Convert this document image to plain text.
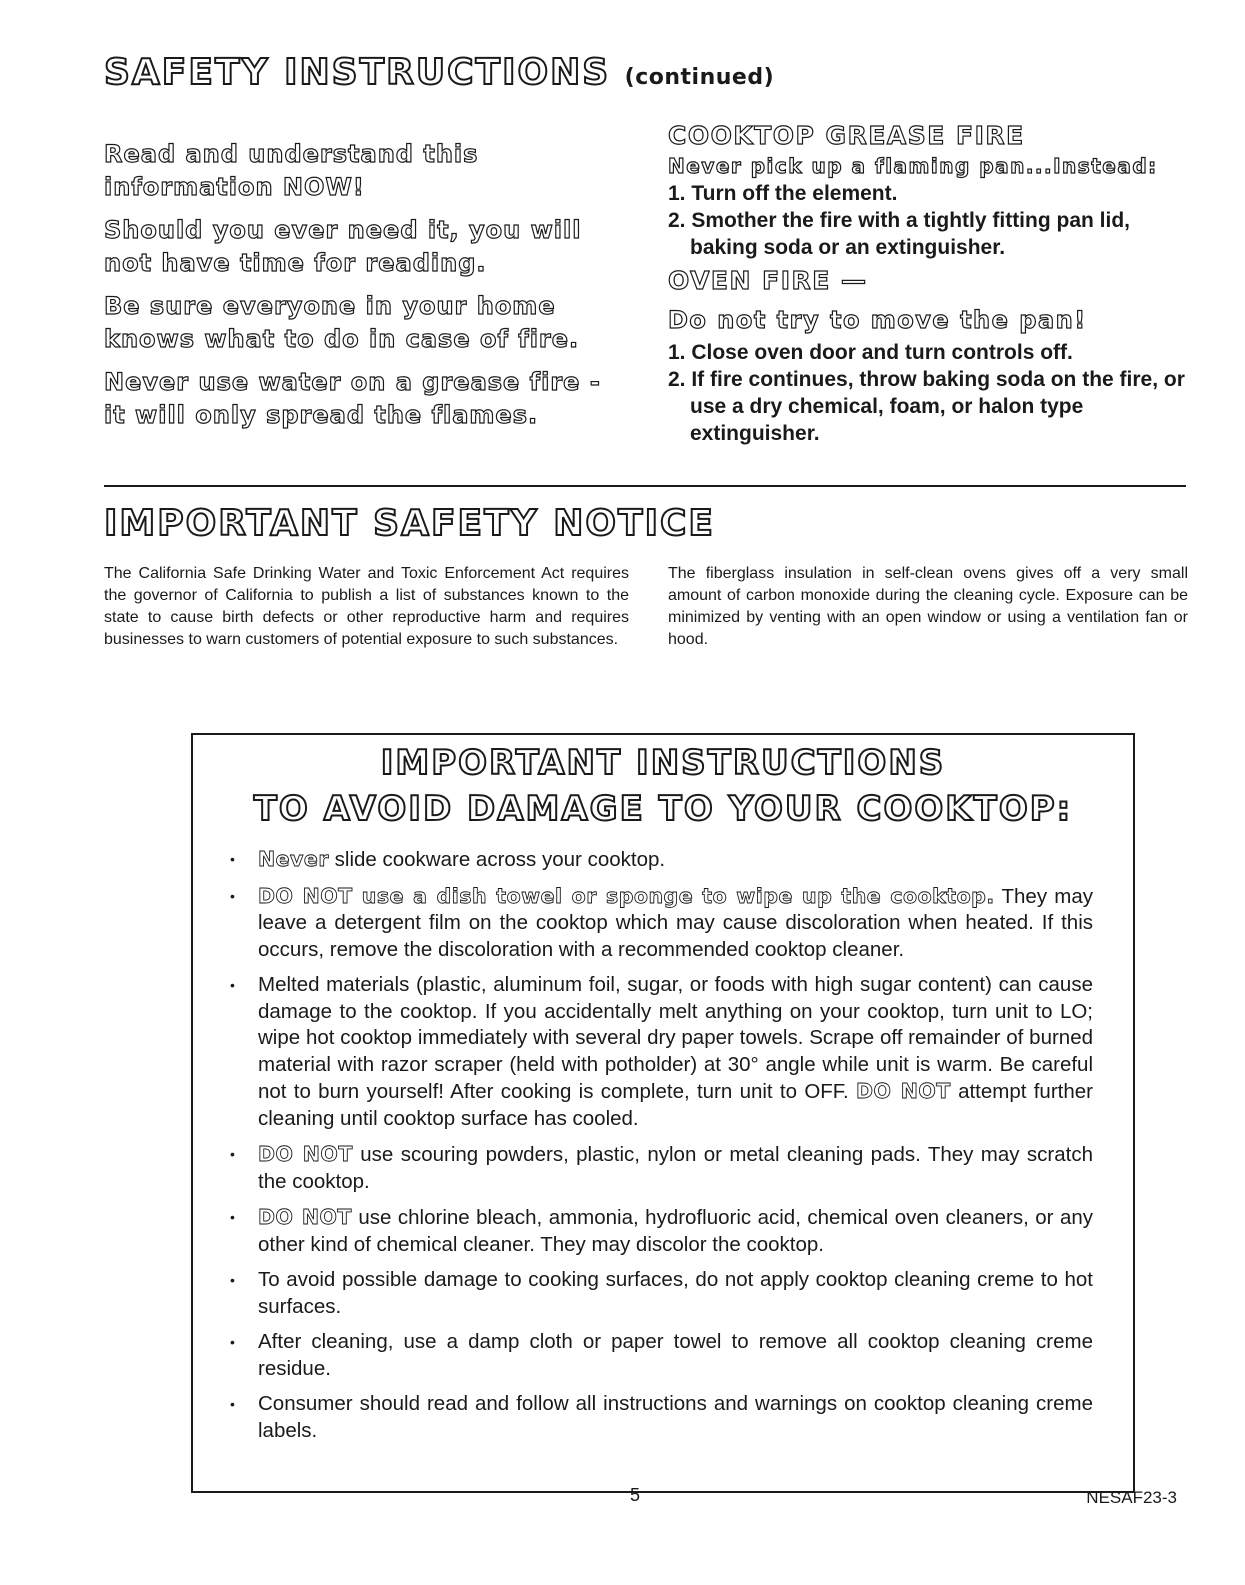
SAFETY INSTRUCTIONS (continued)

Read and understand this information NOW!

Should you ever need it, you will not have time for reading.

Be sure everyone in your home knows what to do in case of fire.

Never use water on a grease fire - it will only spread the flames.

COOKTOP GREASE FIRE
Never pick up a flaming pan...Instead:
1. Turn off the element.
2. Smother the fire with a tightly fitting pan lid, baking soda or an extinguisher.
OVEN FIRE —
Do not try to move the pan!
1. Close oven door and turn controls off.
2. If fire continues, throw baking soda on the fire, or use a dry chemical, foam, or halon type extinguisher.
IMPORTANT SAFETY NOTICE
The California Safe Drinking Water and Toxic Enforcement Act requires the governor of California to publish a list of substances known to the state to cause birth defects or other reproductive harm and requires businesses to warn customers of potential exposure to such substances.
The fiberglass insulation in self-clean ovens gives off a very small amount of carbon monoxide during the cleaning cycle. Exposure can be minimized by venting with an open window or using a ventilation fan or hood.
IMPORTANT INSTRUCTIONS
TO AVOID DAMAGE TO YOUR COOKTOP:
• Never slide cookware across your cooktop.
• DO NOT use a dish towel or sponge to wipe up the cooktop. They may leave a detergent film on the cooktop which may cause discoloration when heated. If this occurs, remove the discoloration with a recommended cooktop cleaner.
• Melted materials (plastic, aluminum foil, sugar, or foods with high sugar content) can cause damage to the cooktop. If you accidentally melt anything on your cooktop, turn unit to LO; wipe hot cooktop immediately with several dry paper towels. Scrape off remainder of burned material with razor scraper (held with potholder) at 30° angle while unit is warm. Be careful not to burn yourself! After cooking is complete, turn unit to OFF. DO NOT attempt further cleaning until cooktop surface has cooled.
• DO NOT use scouring powders, plastic, nylon or metal cleaning pads. They may scratch the cooktop.
• DO NOT use chlorine bleach, ammonia, hydrofluoric acid, chemical oven cleaners, or any other kind of chemical cleaner. They may discolor the cooktop.
• To avoid possible damage to cooking surfaces, do not apply cooktop cleaning creme to hot surfaces.
• After cleaning, use a damp cloth or paper towel to remove all cooktop cleaning creme residue.
• Consumer should read and follow all instructions and warnings on cooktop cleaning creme labels.
5	NESAF23-3
